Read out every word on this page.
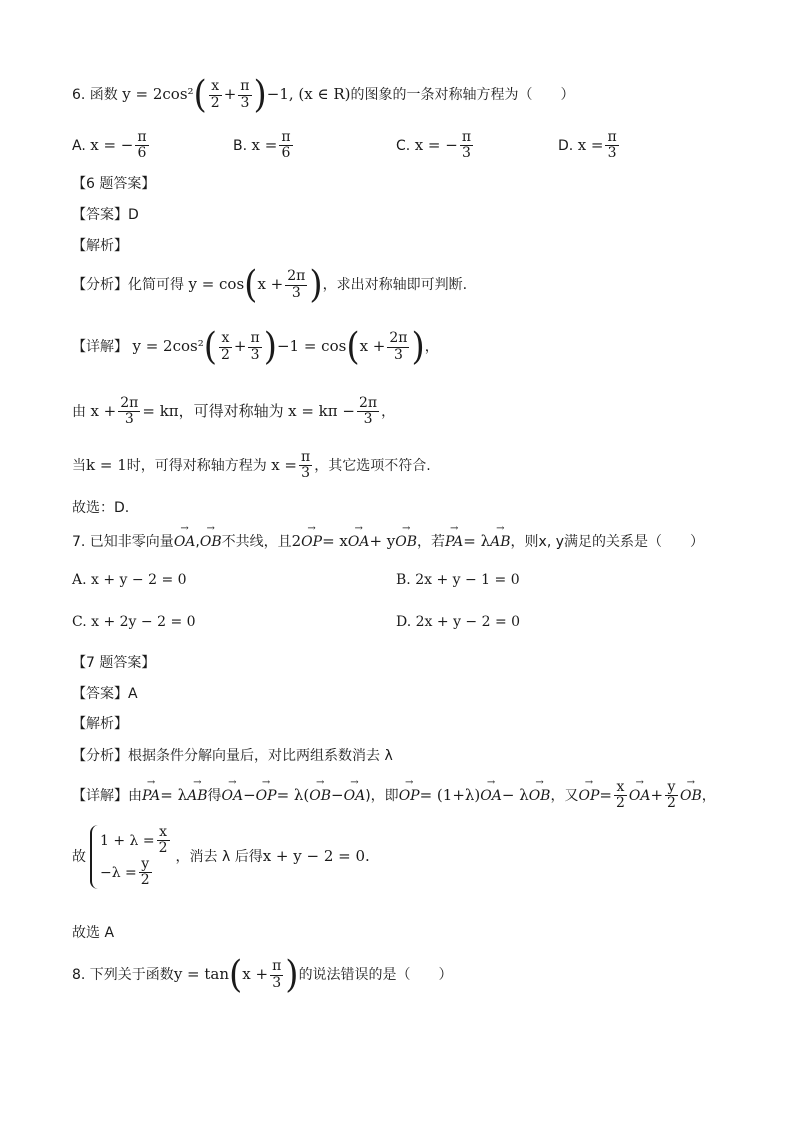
6. 函数 $y = 2\cos^2( \frac{x}{2} + \frac{\pi}{3} )-1$, (x ∈ R)的图象的一条对称轴方程为（　　）
A. x = − $\frac{\pi}{6}$	B. $x = \frac{\pi}{6}$	C. x = − $\frac{\pi}{3}$	D. $x = \frac{\pi}{3}$
【6 题答案】
【答案】D
【解析】
【分析】化简可得 $y = \cos(x + \frac{2\pi}{3}$ )，求出对称轴即可判断.
【详解】 $y = 2\cos^2( \frac{x}{2} + \frac{\pi}{3} )-1 = \cos(x + \frac{2\pi}{3}$ )，
由 $x + \frac{2\pi}{3} = k\pi$，可得对称轴为 $x = k\pi - \frac{2\pi}{3}$ ，
当k = 1时，可得对称轴方程为 $x = \frac{\pi}{3}$ ，其它选项不符合.
故选：D.
7. 已知非零向量→ OA,→ OB不共线，且2→ OP= x→ OA+ y→ OB，若→ PA= λ→ AB，则x, y满足的关系是（　　）
A. x + y − 2 = 0	B. 2x + y − 1 = 0
C. x + 2y − 2 = 0	D. 2x + y − 2 = 0
【7 题答案】
【答案】A
【解析】
【分析】根据条件分解向量后，对比两组系数消去 λ
【详解】由→ PA= λ→ AB得→ OA−→ OP= λ(→ OB−→ OA)，即→ OP= (1+λ)→ OA− λ→ OB，又→ $OP= \frac{x}{2}$
→ $OA+ \frac{y}{2}$
→ OB，
故
$1 + \lambda = \frac{x}{2}$
$-\lambda = \frac{y}{2}$ ，消去 λ 后得x + y − 2 = 0.
故选 A
8. 下列关于函数$y = \tan(x + \frac{\pi}{3}$ )的说法错误的是（　　）
